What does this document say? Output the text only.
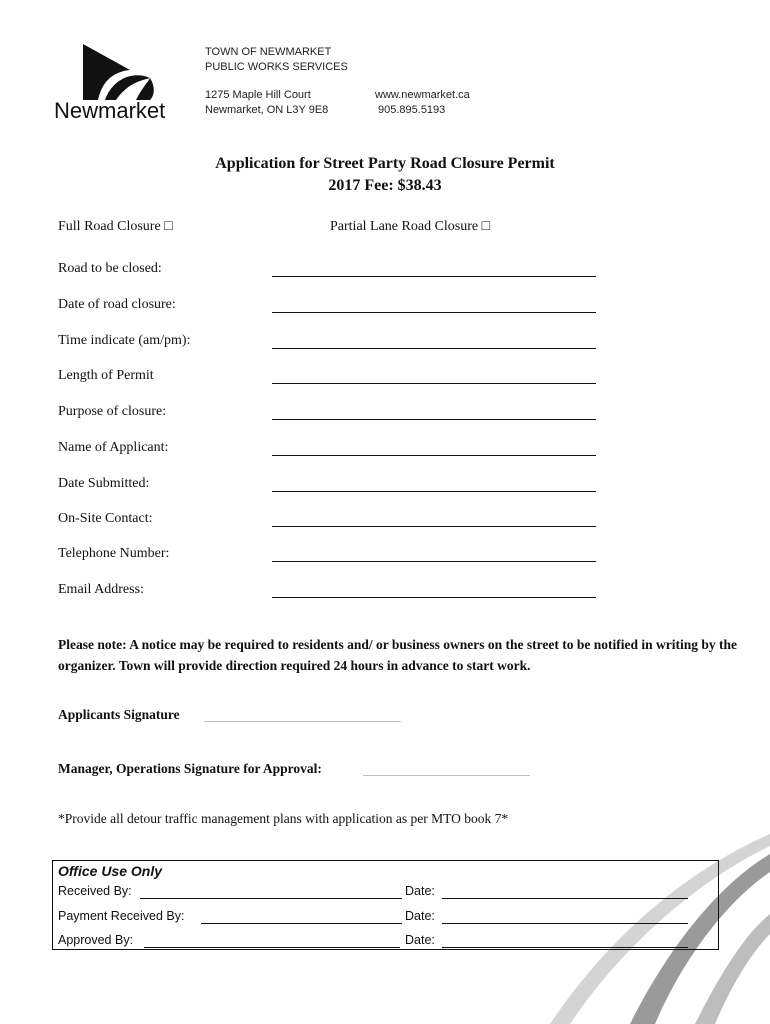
Newmarket
TOWN OF NEWMARKET
PUBLIC WORKS SERVICES
1275 Maple Hill Court
Newmarket, ON L3Y 9E8
www.newmarket.ca
905.895.5193
Application for Street Party Road Closure Permit
2017 Fee: $38.43
Full Road Closure □	Partial Lane Road Closure □
Road to be closed:
Date of road closure:
Time indicate (am/pm):
Length of Permit
Purpose of closure:
Name of Applicant:
Date Submitted:
On-Site Contact:
Telephone Number:
Email Address:
Please note: A notice may be required to residents and/ or business owners on the street to be notified in writing by the organizer. Town will provide direction required 24 hours in advance to start work.
Applicants Signature
Manager, Operations Signature for Approval:
*Provide all detour traffic management plans with application as per MTO book 7*
Office Use Only
Received By:	Date:
Payment Received By:	Date:
Approved By:	Date:
